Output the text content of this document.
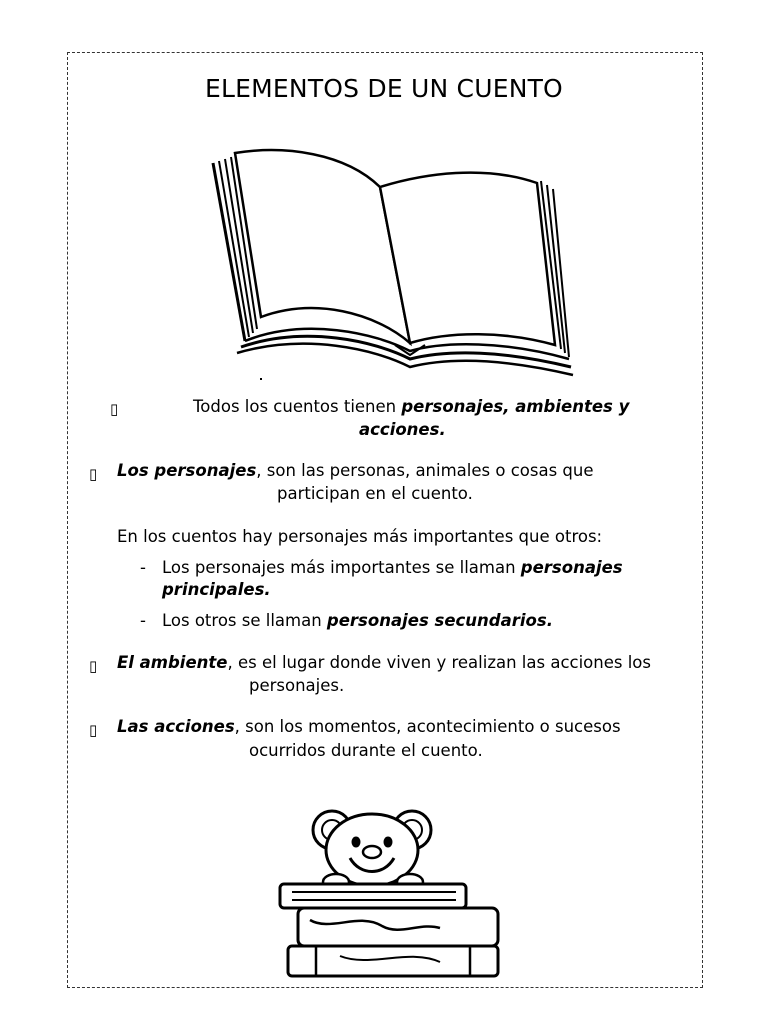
ELEMENTOS DE UN CUENTO
▯	Todos los cuentos tienen personajes, ambientes y
acciones.
▯ Los personajes, son las personas, animales o cosas que
participan en el cuento.
En los cuentos hay personajes más importantes que otros:
- Los personajes más importantes se llaman personajes
principales.
- Los otros se llaman personajes secundarios.
▯ El ambiente, es el lugar donde viven y realizan las acciones los
personajes.
▯ Las acciones, son los momentos, acontecimiento o sucesos
ocurridos durante el cuento.
